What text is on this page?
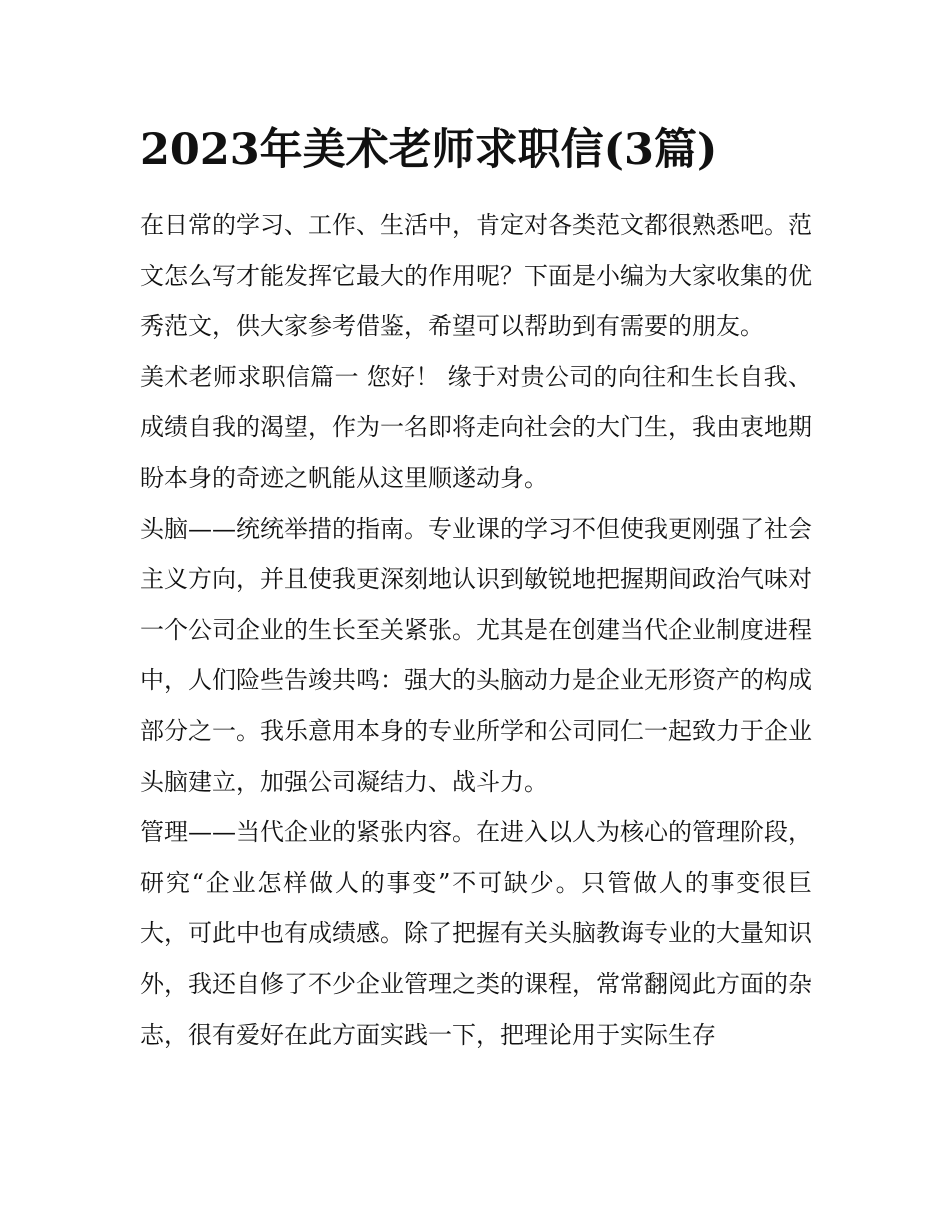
2023年美术老师求职信(3篇)

在日常的学习、工作、生活中，肯定对各类范文都很熟悉吧。范文怎么写才能发挥它最大的作用呢？下面是小编为大家收集的优秀范文，供大家参考借鉴，希望可以帮助到有需要的朋友。

美术老师求职信篇一 您好！ 缘于对贵公司的向往和生长自我、成绩自我的渴望，作为一名即将走向社会的大门生，我由衷地期盼本身的奇迹之帆能从这里顺遂动身。

头脑——统统举措的指南。专业课的学习不但使我更刚强了社会主义方向，并且使我更深刻地认识到敏锐地把握期间政治气味对一个公司企业的生长至关紧张。尤其是在创建当代企业制度进程中，人们险些告竣共鸣：强大的头脑动力是企业无形资产的构成部分之一。我乐意用本身的专业所学和公司同仁一起致力于企业头脑建立，加强公司凝结力、战斗力。

管理——当代企业的紧张内容。在进入以人为核心的管理阶段，研究“企业怎样做人的事变”不可缺少。只管做人的事变很巨大，可此中也有成绩感。除了把握有关头脑教诲专业的大量知识外，我还自修了不少企业管理之类的课程，常常翻阅此方面的杂志，很有爱好在此方面实践一下，把理论用于实际生存
